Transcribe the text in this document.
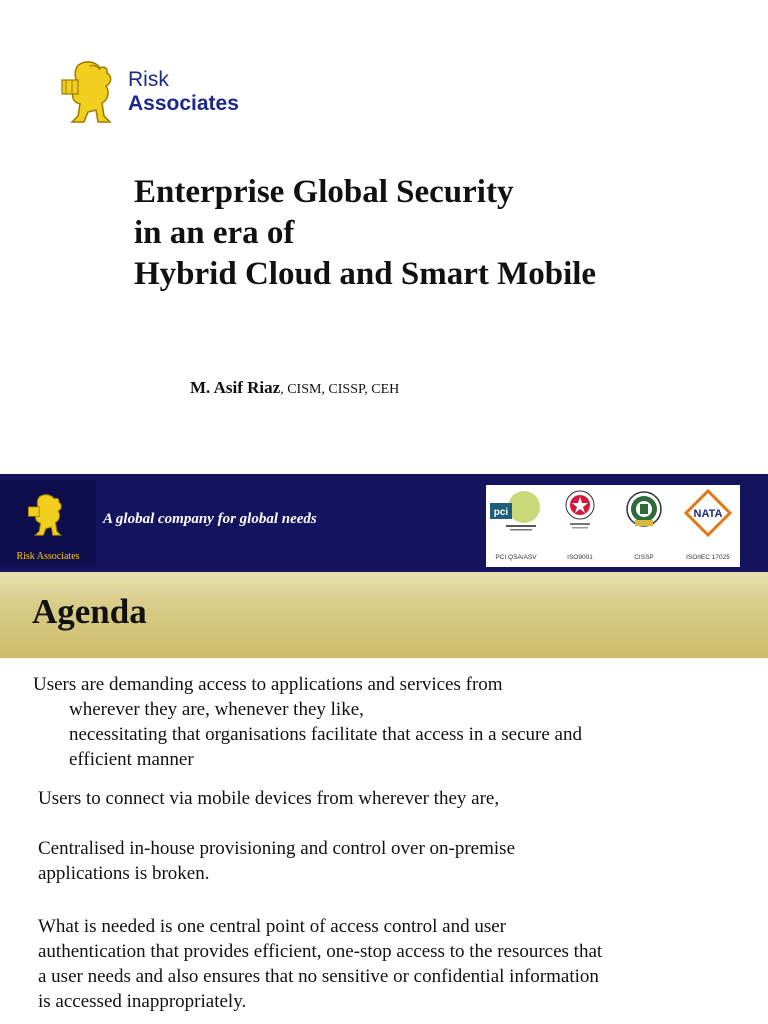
Risk
Associates
Enterprise Global Security
in an era of
Hybrid Cloud and Smart Mobile
M. Asif Riaz, CISM, CISSP, CEH
Risk Associates
A global company for global needs	pci
PCI QSA/ASV	ISO9001	CISSP
NATA
ISO/IEC 17025
Agenda
Users are demanding access to applications and services from
wherever they are, whenever they like,
necessitating that organisations facilitate that access in a secure and
efficient manner
Users to connect via mobile devices from wherever they are,
Centralised in-house provisioning and control over on-premise
applications is broken.
What is needed is one central point of access control and user
authentication that provides efficient, one-stop access to the resources that
a user needs and also ensures that no sensitive or confidential information
is accessed inappropriately.
